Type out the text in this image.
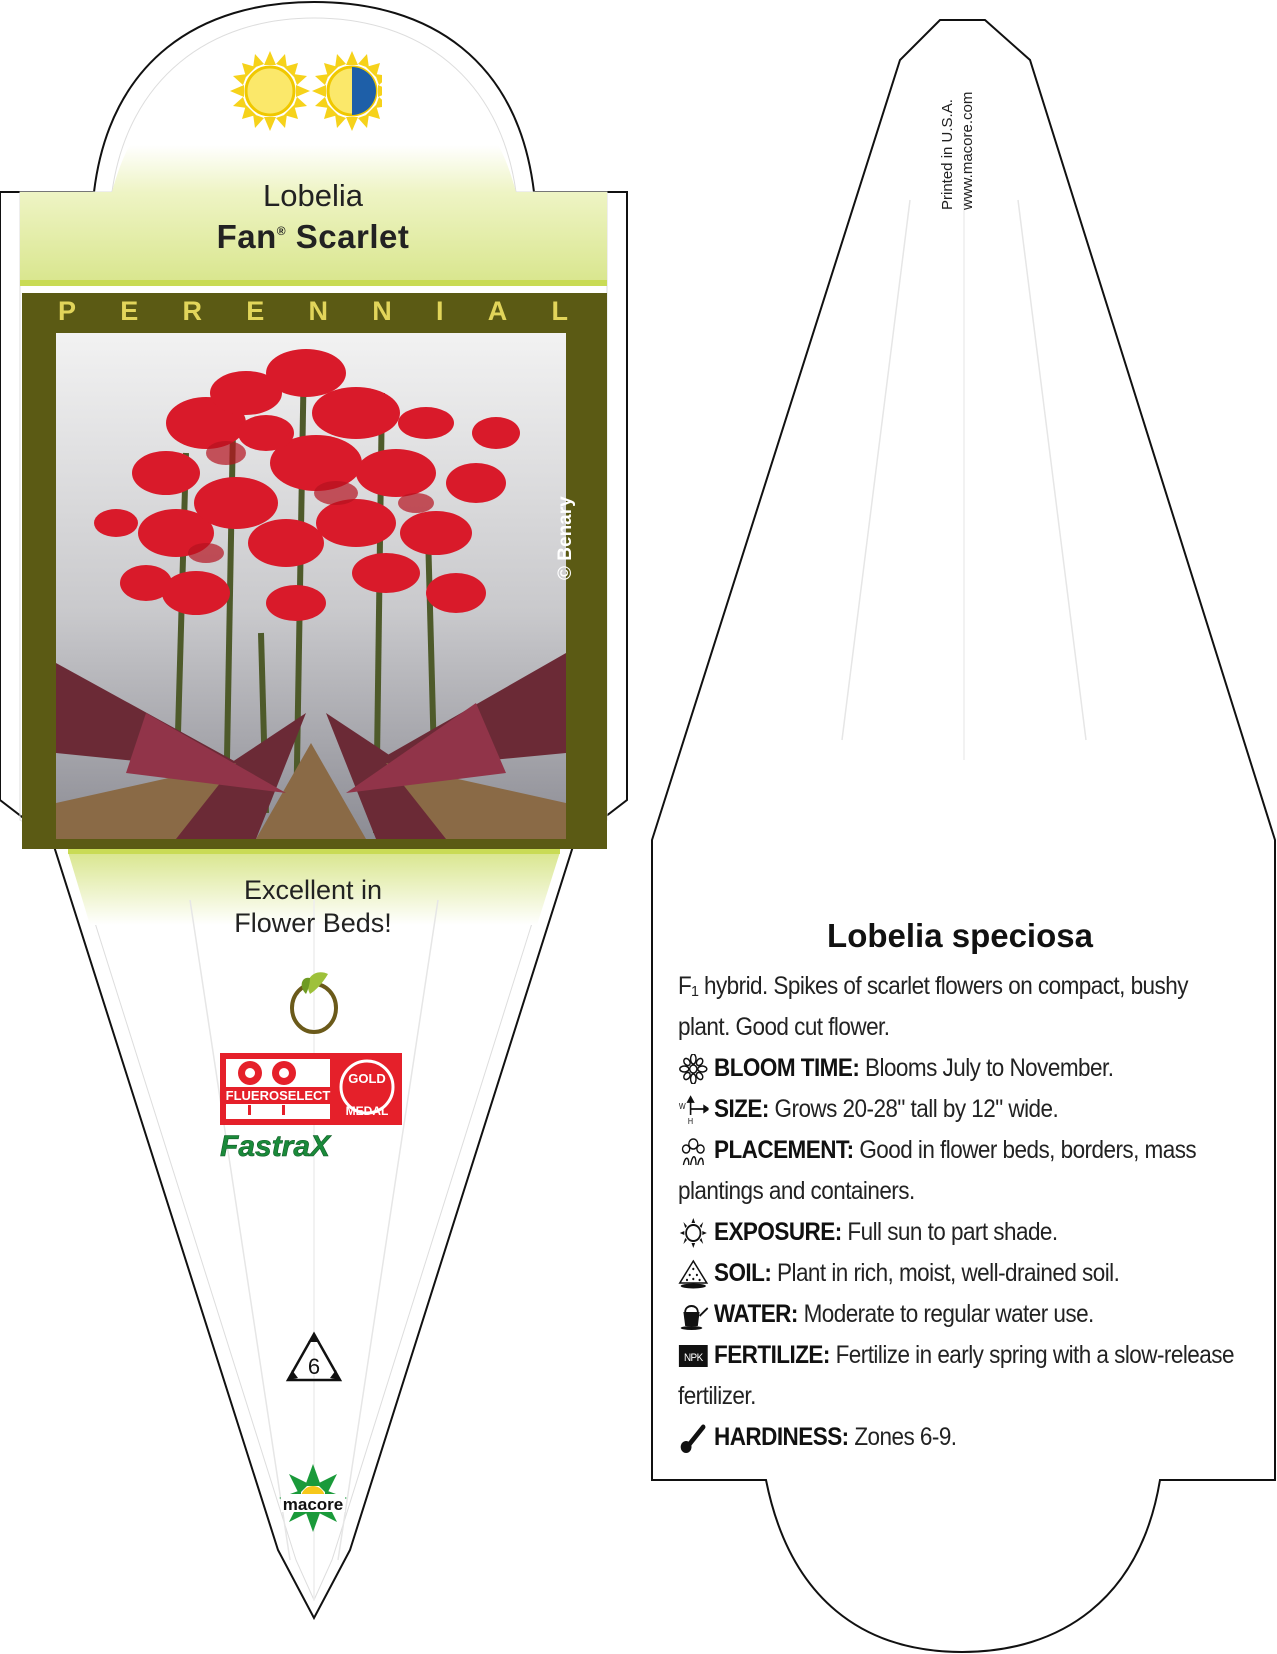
Lobelia
Fan® Scarlet
P E R E N N I A L
© Benary
Excellent in
Flower Beds!
FLUEROSELECT
GOLD
MEDAL
FastraX
6
macore
Printed in U.S.A. www.macore.com
Lobelia speciosa
F₁ hybrid. Spikes of scarlet flowers on compact, bushy plant. Good cut flower.
BLOOM TIME: Blooms July to November.
W
H SIZE: Grows 20-28" tall by 12" wide.
PLACEMENT: Good in flower beds, borders, mass plantings and containers.
EXPOSURE: Full sun to part shade.
SOIL: Plant in rich, moist, well-drained soil.
WATER: Moderate to regular water use.
NPK FERTILIZE: Fertilize in early spring with a slow-release fertilizer.
HARDINESS: Zones 6-9.
